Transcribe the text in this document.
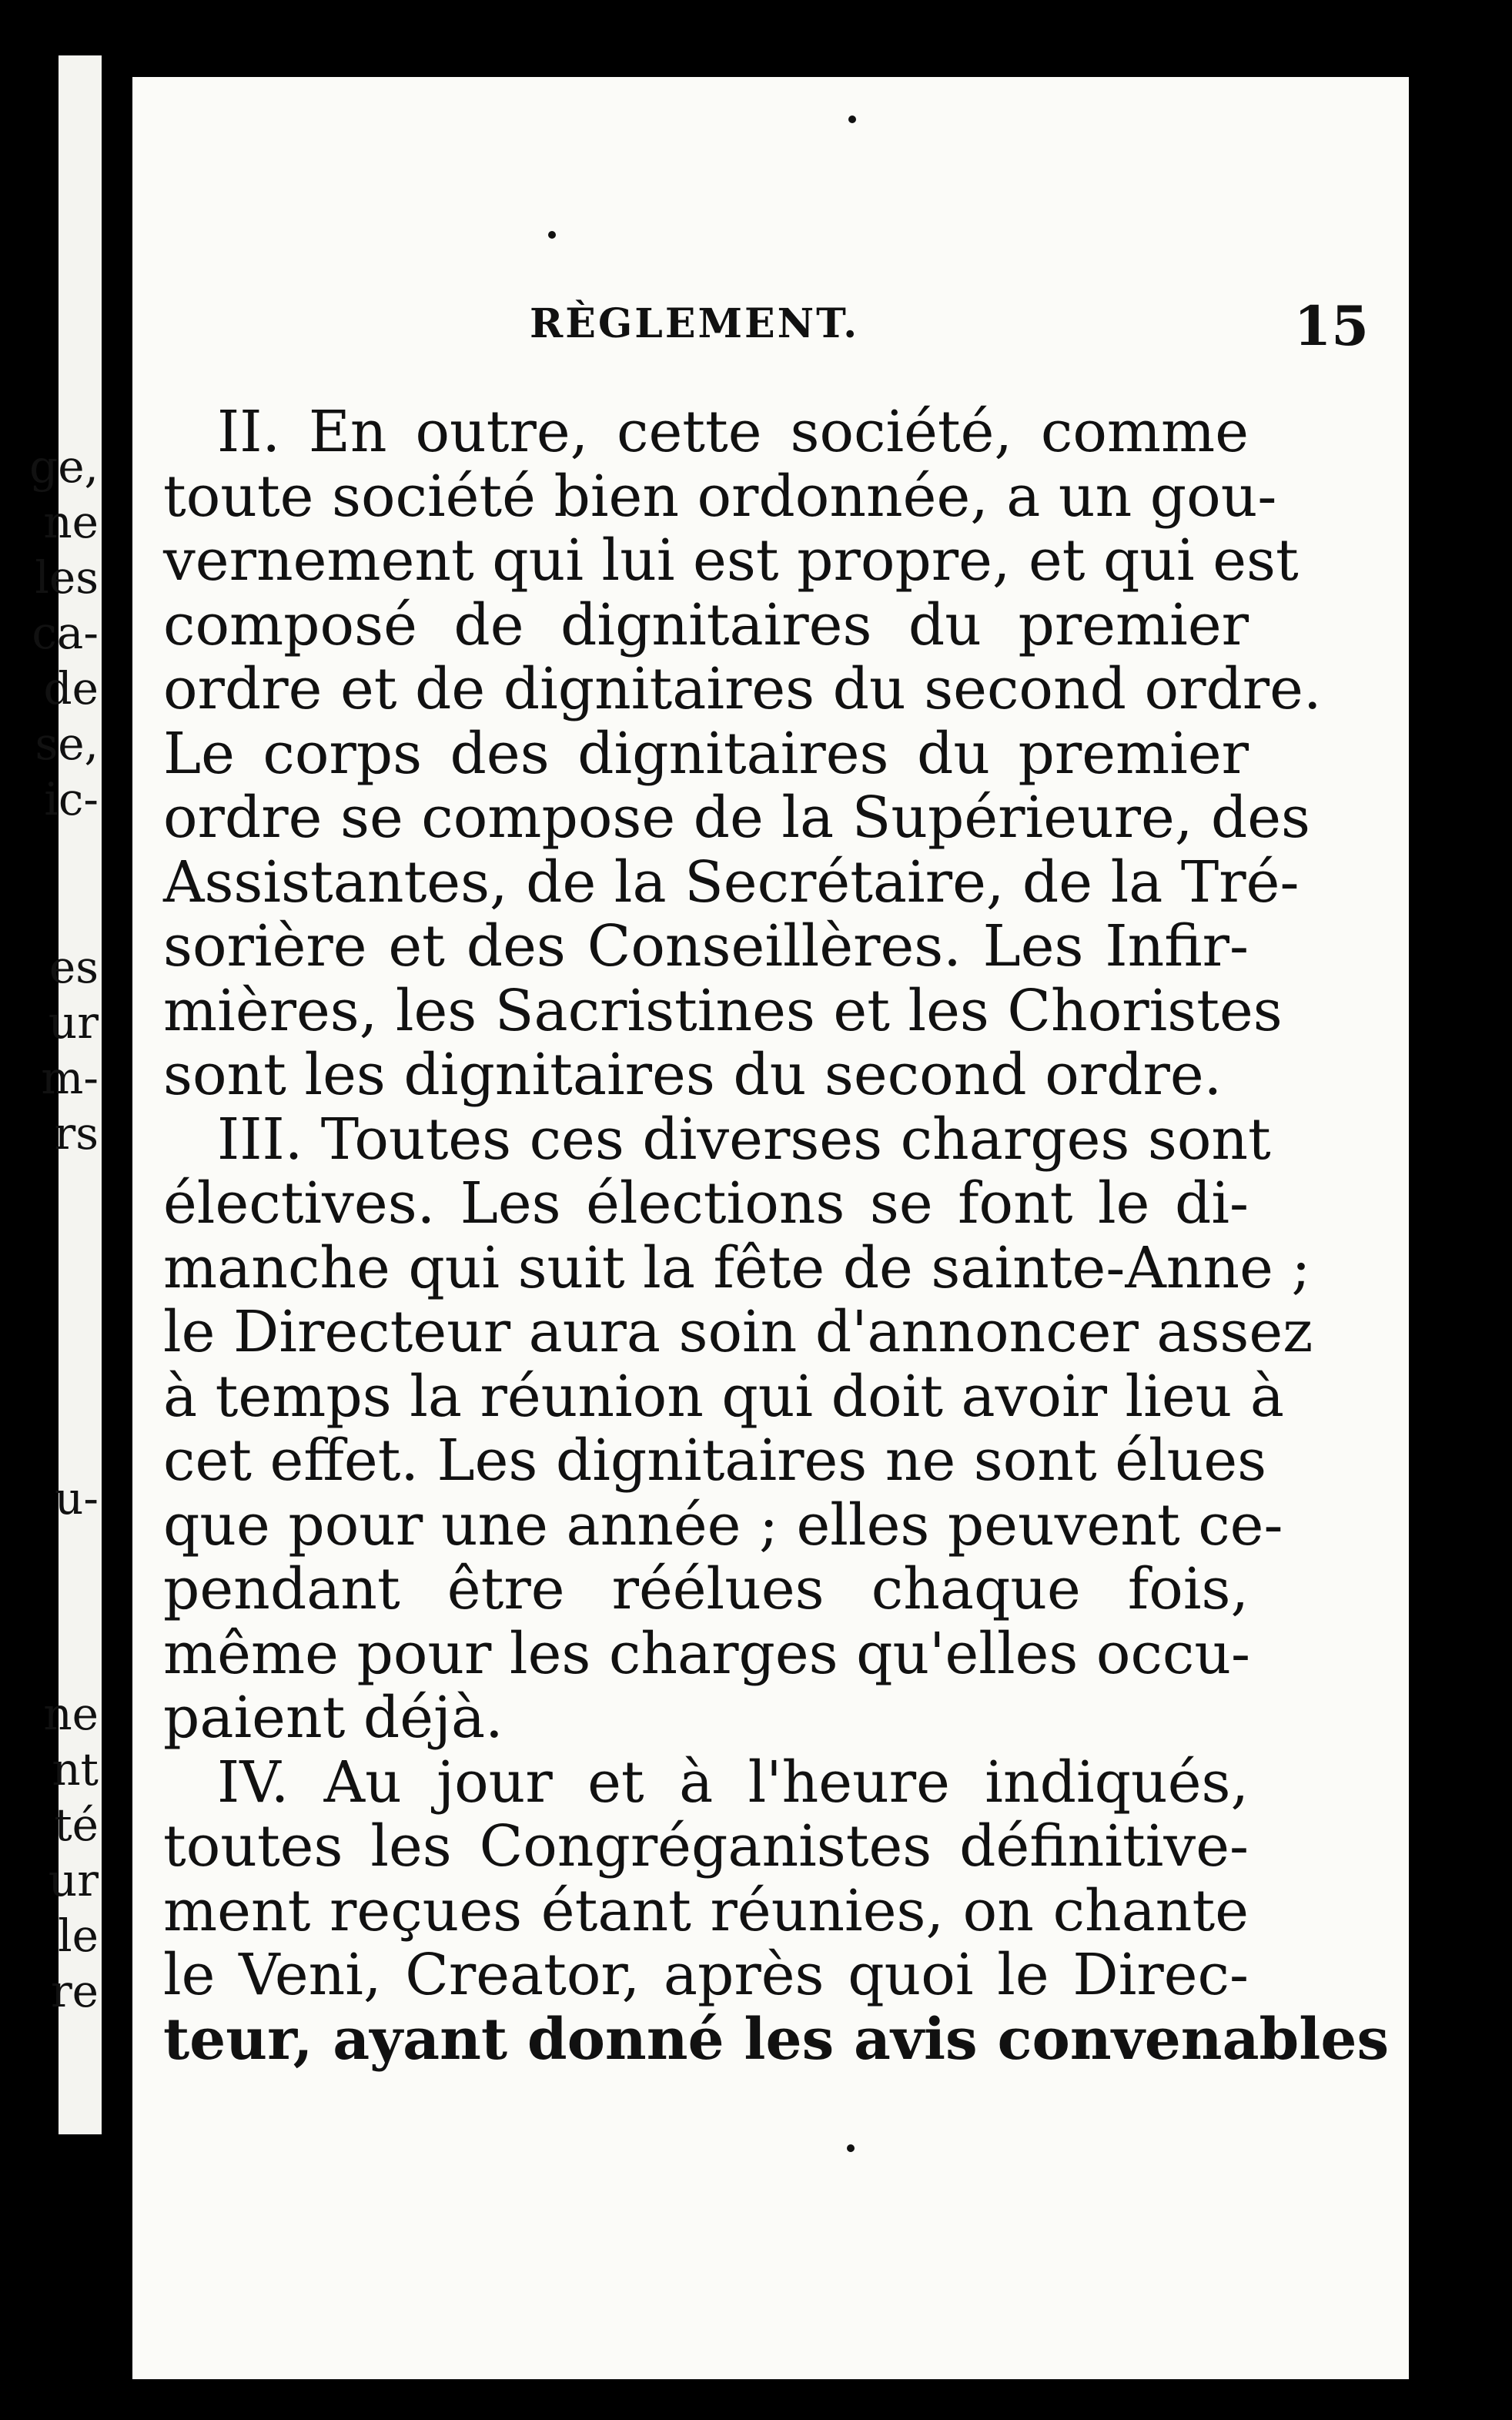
ge,
ne
les
ca-
de
se,
ic-
es
ur
m-
rs
u-
ne
nt
té
ur
le
re
RÈGLEMENT.	15
II. En outre, cette société, comme
toute société bien ordonnée, a un gou-
vernement qui lui est propre, et qui est
composé de dignitaires du premier
ordre et de dignitaires du second ordre.
Le corps des dignitaires du premier
ordre se compose de la Supérieure, des
Assistantes, de la Secrétaire, de la Tré-
sorière et des Conseillères. Les Infir-
mières, les Sacristines et les Choristes
sont les dignitaires du second ordre.
III. Toutes ces diverses charges sont
électives. Les élections se font le di-
manche qui suit la fête de sainte-Anne ;
le Directeur aura soin d'annoncer assez
à temps la réunion qui doit avoir lieu à
cet effet. Les dignitaires ne sont élues
que pour une année ; elles peuvent ce-
pendant être réélues chaque fois,
même pour les charges qu'elles occu-
paient déjà.
IV. Au jour et à l'heure indiqués,
toutes les Congréganistes définitive-
ment reçues étant réunies, on chante
le Veni, Creator, après quoi le Direc-
teur, ayant donné les avis convenables
